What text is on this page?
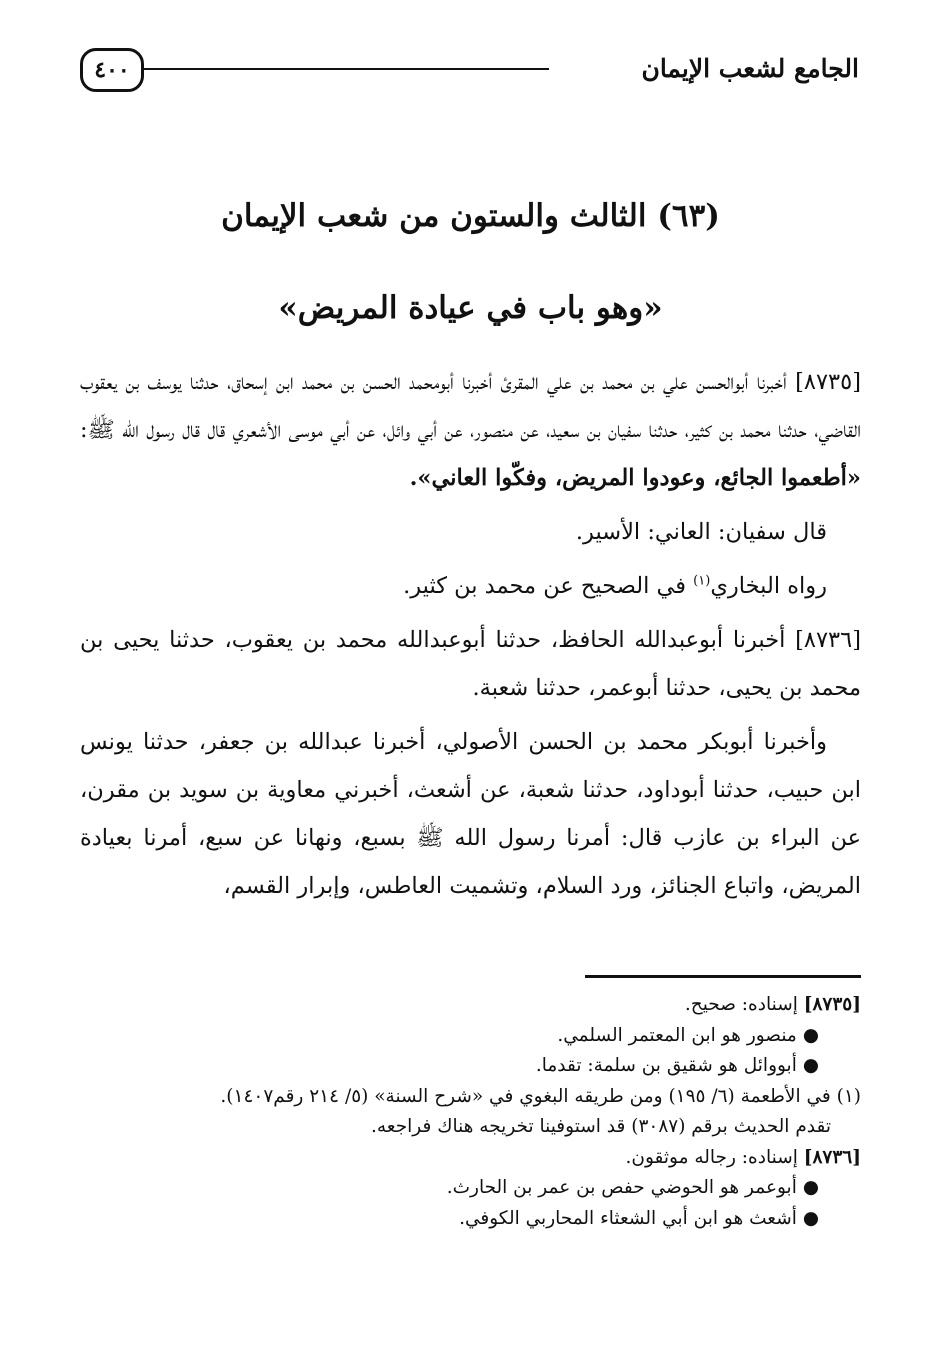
٤٠٠	الجامع لشعب الإيمان
(٦٣) الثالث والستون من شعب الإيمان
«وهو باب في عيادة المريض»

[٨٧٣٥] أخبرنا أبوالحسن علي بن محمد بن علي المقرئ أخبرنا أبومحمد الحسن بن محمد ابن إسحاق، حدثنا يوسف بن يعقوب القاضي، حدثنا محمد بن كثير، حدثنا سفيان بن سعيد، عن منصور، عن أبي وائل، عن أبي موسى الأشعري قال قال رسول الله ﷺ: «أطعموا الجائع، وعودوا المريض، وفكّوا العاني».

قال سفيان: العاني: الأسير.

رواه البخاري$^{(١)}$ في الصحيح عن محمد بن كثير.

[٨٧٣٦] أخبرنا أبوعبدالله الحافظ، حدثنا أبوعبدالله محمد بن يعقوب، حدثنا يحيى بن محمد بن يحيى، حدثنا أبوعمر، حدثنا شعبة.

وأخبرنا أبوبكر محمد بن الحسن الأصولي، أخبرنا عبدالله بن جعفر، حدثنا يونس ابن حبيب، حدثنا أبوداود، حدثنا شعبة، عن أشعث، أخبرني معاوية بن سويد بن مقرن، عن البراء بن عازب قال: أمرنا رسول الله ﷺ بسبع، ونهانا عن سبع، أمرنا بعيادة المريض، واتباع الجنائز، ورد السلام، وتشميت العاطس، وإبرار القسم،

[٨٧٣٥] إسناده: صحيح.
●منصور هو ابن المعتمر السلمي.
●أبووائل هو شقيق بن سلمة: تقدما.
(١) في الأطعمة (٦/ ١٩٥) ومن طريقه البغوي في «شرح السنة» (٥/ ٢١٤ رقم١٤٠٧).
تقدم الحديث برقم (٣٠٨٧) قد استوفينا تخريجه هناك فراجعه.
[٨٧٣٦] إسناده: رجاله موثقون.
●أبوعمر هو الحوضي حفص بن عمر بن الحارث.
●أشعث هو ابن أبي الشعثاء المحاربي الكوفي.
